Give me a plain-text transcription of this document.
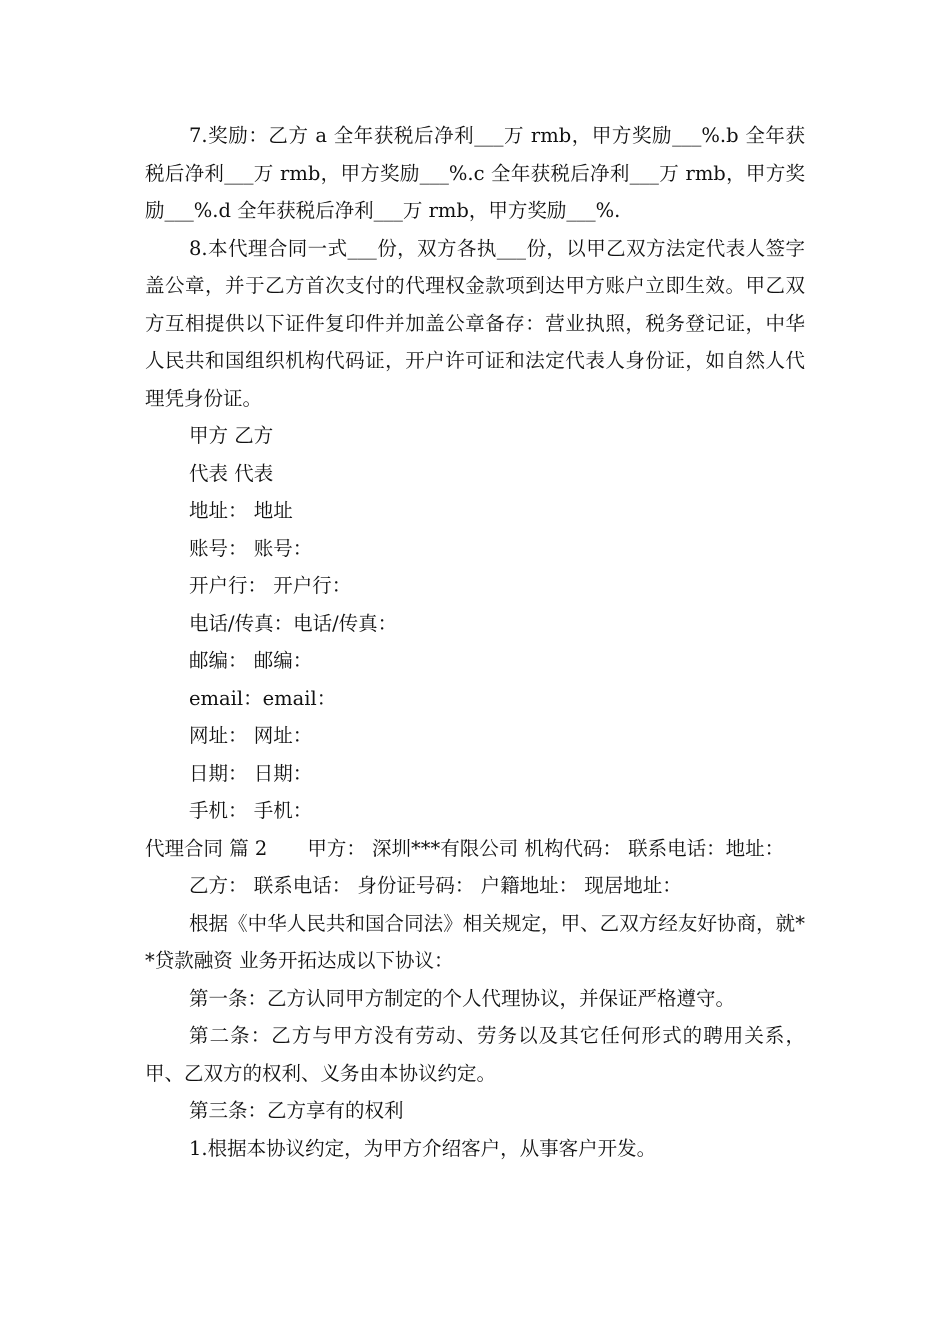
7.奖励：乙方 a 全年获税后净利___万 rmb，甲方奖励___%.b 全年获税后净利___万 rmb，甲方奖励___%.c 全年获税后净利___万 rmb，甲方奖励___%.d 全年获税后净利___万 rmb，甲方奖励___%.

8.本代理合同一式___份，双方各执___份，以甲乙双方法定代表人签字盖公章，并于乙方首次支付的代理权金款项到达甲方账户立即生效。甲乙双方互相提供以下证件复印件并加盖公章备存：营业执照，税务登记证，中华人民共和国组织机构代码证，开户许可证和法定代表人身份证，如自然人代理凭身份证。

甲方 乙方

代表 代表

地址： 地址

账号： 账号：

开户行： 开户行：

电话/传真：电话/传真：

邮编： 邮编：

email：email：

网址： 网址：

日期： 日期：

手机： 手机：

代理合同 篇 2 甲方： 深圳***有限公司 机构代码： 联系电话：地址：

乙方： 联系电话： 身份证号码： 户籍地址： 现居地址：

根据《中华人民共和国合同法》相关规定，甲、乙双方经友好协商，就**贷款融资 业务开拓达成以下协议：

第一条：乙方认同甲方制定的个人代理协议，并保证严格遵守。

第二条：乙方与甲方没有劳动、劳务以及其它任何形式的聘用关系，甲、乙双方的权利、义务由本协议约定。

第三条：乙方享有的权利

1.根据本协议约定，为甲方介绍客户，从事客户开发。
